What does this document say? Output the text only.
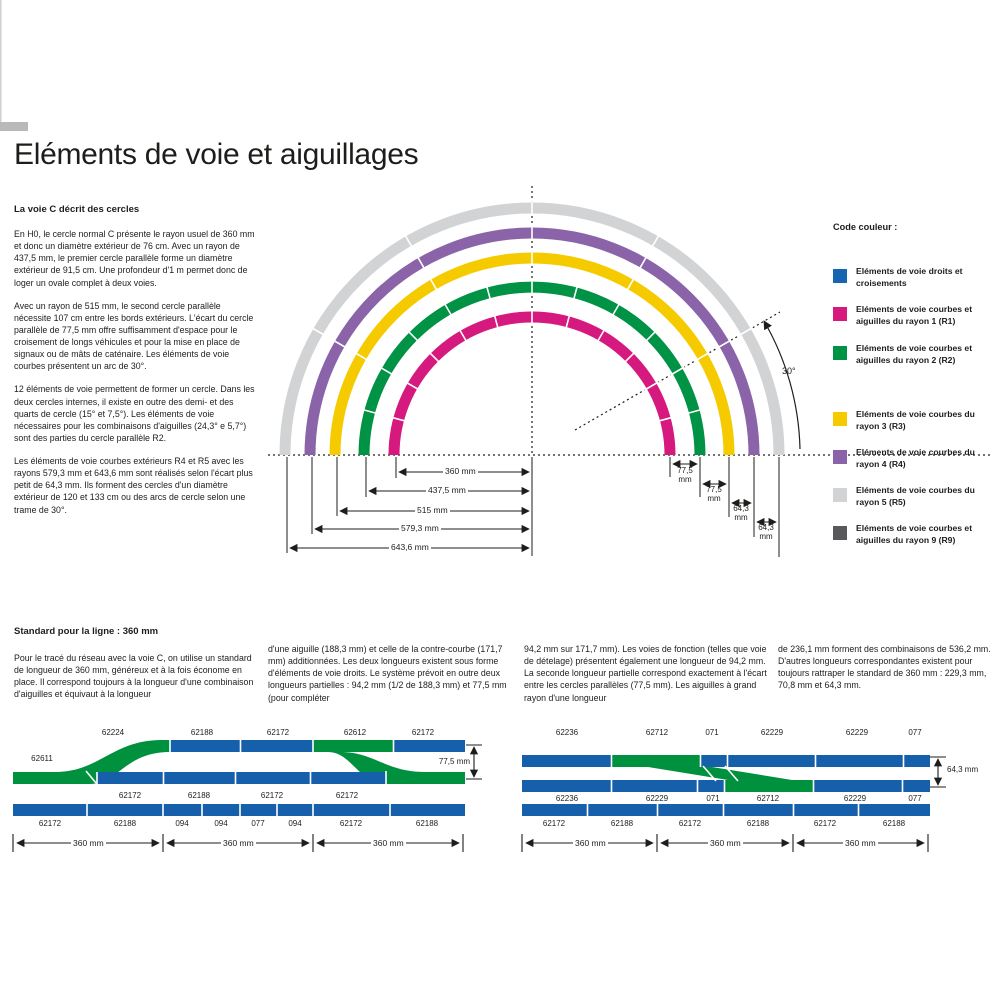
Eléments de voie et aiguillages
La voie C décrit des cercles

En H0, le cercle normal C présente le rayon usuel de 360 mm et donc un diamètre extérieur de 76 cm. Avec un rayon de 437,5 mm, le premier cercle parallèle forme un diamètre extérieur de 91,5 cm. Une profondeur d'1 m permet donc de loger un ovale complet à deux voies.

Avec un rayon de 515 mm, le second cercle parallèle nécessite 107 cm entre les bords extérieurs. L'écart du cercle parallèle de 77,5 mm offre suffisamment d'espace pour le croisement de longs véhicules et pour la mise en place de signaux ou de mâts de caténaire. Les éléments de voie courbes présentent un arc de 30°.

12 éléments de voie permettent de former un cercle. Dans les deux cercles internes, il existe en outre des demi- et des quarts de cercle (15° et 7,5°). Les éléments de voie nécessaires pour les combinaisons d'aiguilles (24,3° e 5,7°) sont des parties du cercle parallèle R2.

Les éléments de voie courbes extérieurs R4 et R5 avec les rayons 579,3 mm et 643,6 mm sont réalisés selon l'écart plus petit de 64,3 mm. Ils forment des cercles d'un diamètre extérieur de 120 et 133 cm ou des arcs de cercle selon une trame de 30°.

Code couleur :
Eléments de voie droits et
croisements
Eléments de voie courbes et
aiguilles du rayon 1 (R1)
Eléments de voie courbes et
aiguilles du rayon 2 (R2)
Eléments de voie courbes du
rayon 3 (R3)
Eléments de voie courbes du
rayon 4 (R4)
Eléments de voie courbes du
rayon 5 (R5)
Eléments de voie courbes et
aiguilles du rayon 9 (R9)
360 mm
437,5 mm
515 mm
579,3 mm
643,6 mm
77,5
mm
77,5
mm
64,3
mm
64,3
mm
30°
Standard pour la ligne : 360 mm
Pour le tracé du réseau avec la voie C, on utilise un standard de longueur de 360 mm, généreux et à la fois économe en place. Il correspond toujours à la longueur d'une combinaison d'aiguilles et équivaut à la longueur
d'une aiguille (188,3 mm) et celle de la contre-courbe (171,7 mm) additionnées. Les deux longueurs existent sous forme d'éléments de voie droits. Le système prévoit en outre deux longueurs partielles : 94,2 mm (1/2 de 188,3 mm) et 77,5 mm (pour compléter
94,2 mm sur 171,7 mm). Les voies de fonction (telles que voie de dételage) présentent également une longueur de 94,2 mm. La seconde longueur partielle correspond exactement à l'écart entre les cercles parallèles (77,5 mm). Les aiguilles à grand rayon d'une longueur
de 236,1 mm forment des combinaisons de 536,2 mm. D'autres longueurs correspondantes existent pour toujours rattraper le standard de 360 mm : 229,3 mm, 70,8 mm et 64,3 mm.
62224	62188	62172	62612	62172
62611	77,5 mm
62172	62188	62172	62172
62172	62188	094	094	077	094	62172	62188
360 mm	360 mm	360 mm
62236	62712	071	62229	62229	077
62236	62229	071	62712	62229	077
64,3 mm
62172	62188	62172	62188	62172	62188
360 mm	360 mm	360 mm
